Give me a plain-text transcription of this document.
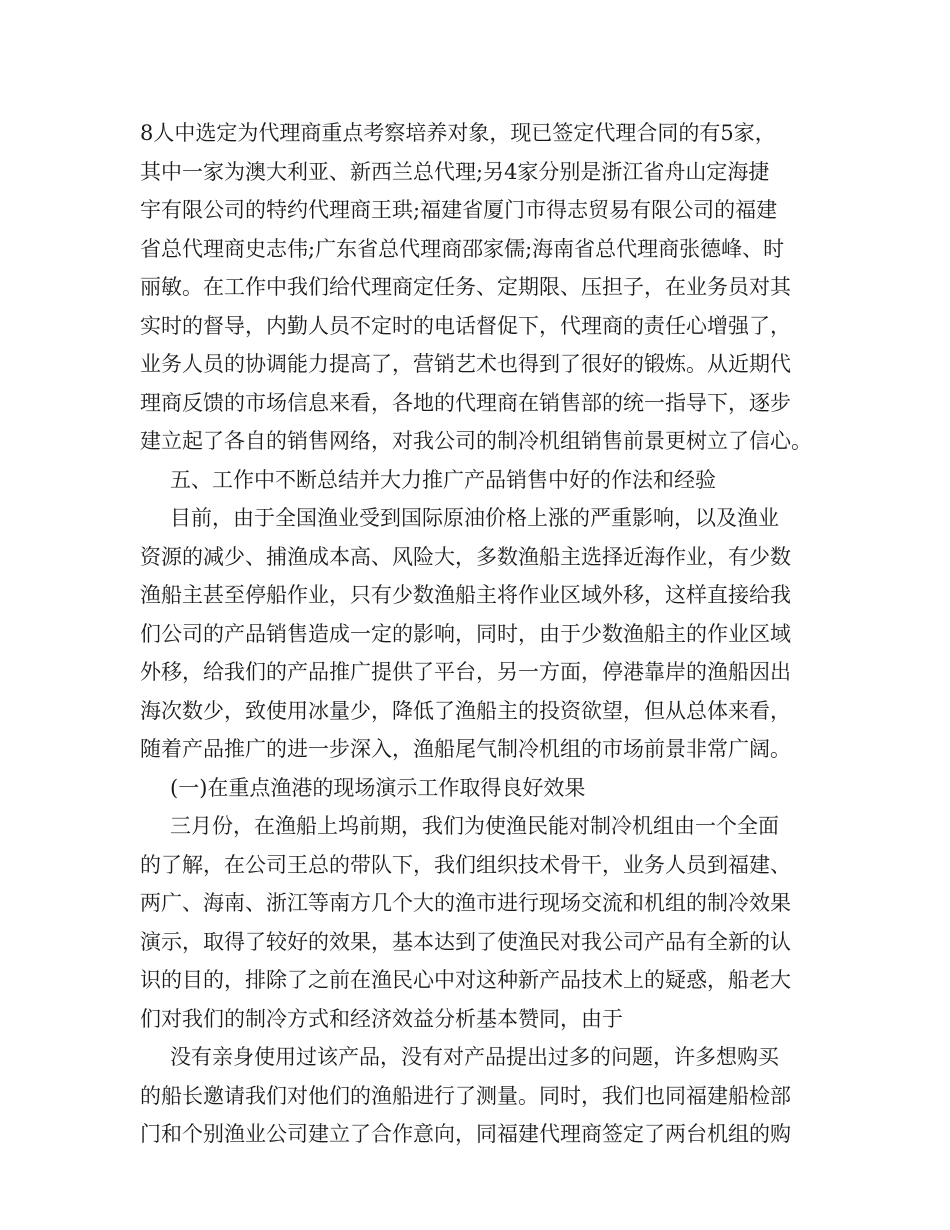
8人中选定为代理商重点考察培养对象，现已签定代理合同的有5家，
其中一家为澳大利亚、新西兰总代理;另4家分别是浙江省舟山定海捷
宇有限公司的特约代理商王珙;福建省厦门市得志贸易有限公司的福建
省总代理商史志伟;广东省总代理商邵家儒;海南省总代理商张德峰、时
丽敏。在工作中我们给代理商定任务、定期限、压担子，在业务员对其
实时的督导，内勤人员不定时的电话督促下，代理商的责任心增强了，
业务人员的协调能力提高了，营销艺术也得到了很好的锻炼。从近期代
理商反馈的市场信息来看，各地的代理商在销售部的统一指导下，逐步
建立起了各自的销售网络，对我公司的制冷机组销售前景更树立了信心。
五、工作中不断总结并大力推广产品销售中好的作法和经验
目前，由于全国渔业受到国际原油价格上涨的严重影响，以及渔业
资源的减少、捕渔成本高、风险大，多数渔船主选择近海作业，有少数
渔船主甚至停船作业，只有少数渔船主将作业区域外移，这样直接给我
们公司的产品销售造成一定的影响，同时，由于少数渔船主的作业区域
外移，给我们的产品推广提供了平台，另一方面，停港靠岸的渔船因出
海次数少，致使用冰量少，降低了渔船主的投资欲望，但从总体来看，
随着产品推广的进一步深入，渔船尾气制冷机组的市场前景非常广阔。
(一)在重点渔港的现场演示工作取得良好效果
三月份，在渔船上坞前期，我们为使渔民能对制冷机组由一个全面
的了解，在公司王总的带队下，我们组织技术骨干，业务人员到福建、
两广、海南、浙江等南方几个大的渔市进行现场交流和机组的制冷效果
演示，取得了较好的效果，基本达到了使渔民对我公司产品有全新的认
识的目的，排除了之前在渔民心中对这种新产品技术上的疑惑，船老大
们对我们的制冷方式和经济效益分析基本赞同，由于
没有亲身使用过该产品，没有对产品提出过多的问题，许多想购买
的船长邀请我们对他们的渔船进行了测量。同时，我们也同福建船检部
门和个别渔业公司建立了合作意向，同福建代理商签定了两台机组的购
